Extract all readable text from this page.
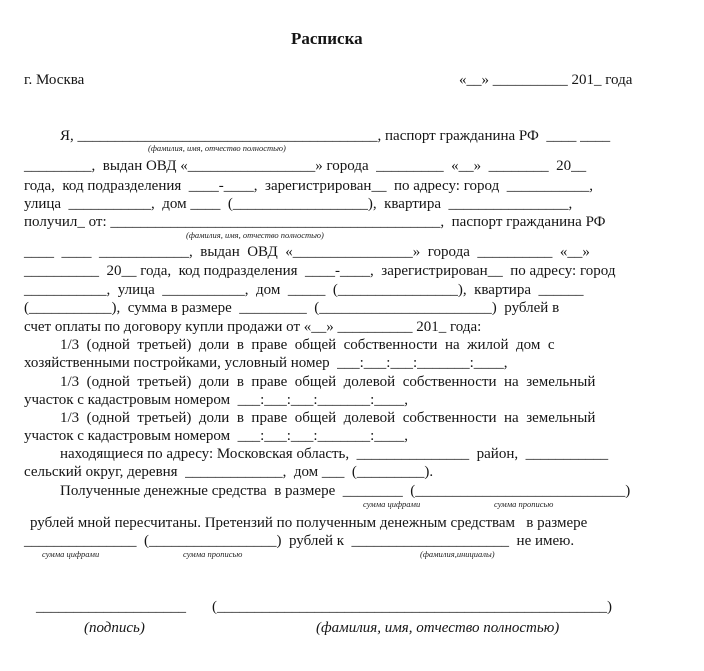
Расписка
г. Москва	«__» __________ 201_ года
Я, ________________________________________, паспорт гражданина РФ  ____ ____
(фамилия, имя, отчество полностью)
_________,  выдан ОВД «_________________» города  _________  «__»  ________  20__
года,  код подразделения  ____-____,  зарегистрирован__  по адресу: город  ___________,
улица  ___________,  дом ____  (__________________),  квартира  ________________,
получил_ от: ____________________________________________,  паспорт гражданина РФ
(фамилия, имя, отчество полностью)
____  ____  ____________,  выдан  ОВД  «________________»  города  __________  «__»
__________  20__ года,  код подразделения  ____-____,  зарегистрирован__  по адресу: город
___________,  улица  ___________,  дом  _____  (________________),  квартира  ______
(___________),  сумма в размере  _________  (_______________________)  рублей в
счет оплаты по договору купли продажи от «__» __________ 201_ года:
1/3  (одной  третьей)  доли  в  праве  общей  собственности  на  жилой  дом  с
хозяйственными постройками, условный номер  ___:___:___:_______:____,
1/3  (одной  третьей)  доли  в  праве  общей  долевой  собственности  на  земельный
участок с кадастровым номером  ___:___:___:_______:____,
1/3  (одной  третьей)  доли  в  праве  общей  долевой  собственности  на  земельный
участок с кадастровым номером  ___:___:___:_______:____,
находящиеся по адресу: Московская область,  _______________  район,  ___________
сельский округ, деревня  _____________,  дом ___  (_________).
Полученные денежные средства  в размере  ________  (____________________________)
сумма цифрами	сумма прописью
рублей мной пересчитаны. Претензий по полученным денежным средствам   в размере
_______________  (_________________)  рублей к  _____________________  не имею.
сумма цифрами	сумма прописью	(фамилия,инициалы)
____________________ (____________________________________________________)
(подпись)	(фамилия, имя, отчество полностью)
